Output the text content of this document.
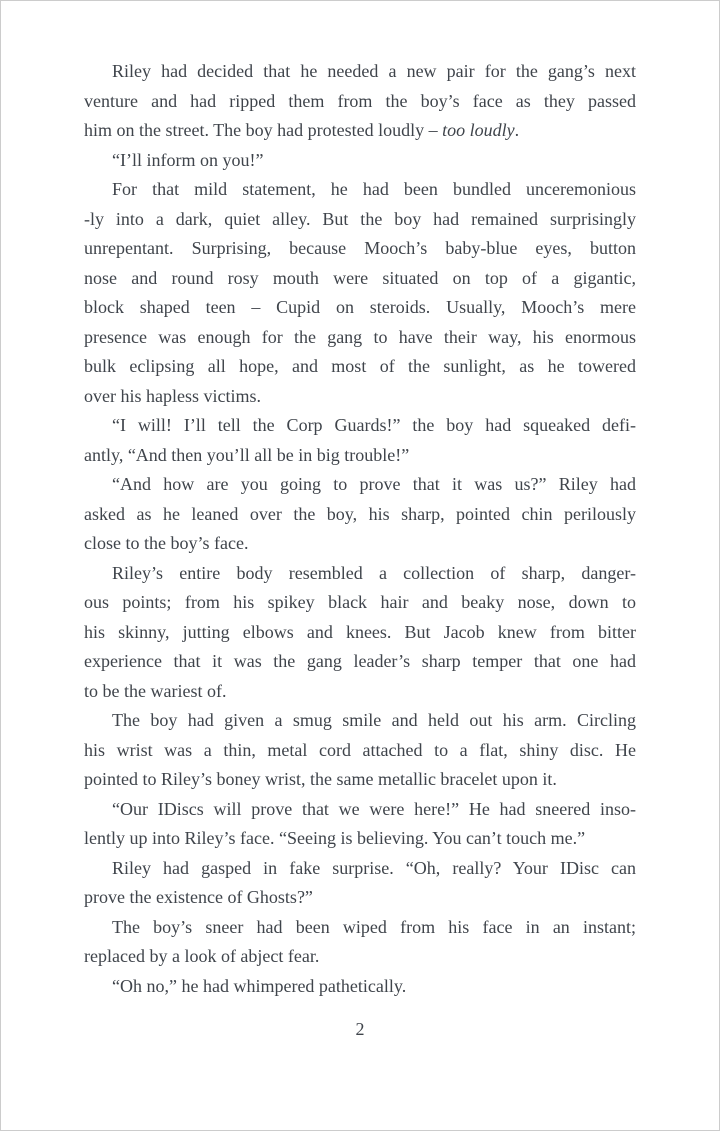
Riley had decided that he needed a new pair for the gang’s next
venture and had ripped them from the boy’s face as they passed
him on the street. The boy had protested loudly – too loudly.

“I’ll inform on you!”

For that mild statement, he had been bundled unceremonious
-ly into a dark, quiet alley. But the boy had remained surprisingly
unrepentant. Surprising, because Mooch’s baby-blue eyes, button
nose and round rosy mouth were situated on top of a gigantic,
block shaped teen – Cupid on steroids. Usually, Mooch’s mere
presence was enough for the gang to have their way, his enormous
bulk eclipsing all hope, and most of the sunlight, as he towered
over his hapless victims.

“I will! I’ll tell the Corp Guards!” the boy had squeaked defi-
antly, “And then you’ll all be in big trouble!”

“And how are you going to prove that it was us?” Riley had
asked as he leaned over the boy, his sharp, pointed chin perilously
close to the boy’s face.

Riley’s entire body resembled a collection of sharp, danger-
ous points; from his spikey black hair and beaky nose, down to
his skinny, jutting elbows and knees. But Jacob knew from bitter
experience that it was the gang leader’s sharp temper that one had
to be the wariest of.

The boy had given a smug smile and held out his arm. Circling
his wrist was a thin, metal cord attached to a flat, shiny disc. He
pointed to Riley’s boney wrist, the same metallic bracelet upon it.

“Our IDiscs will prove that we were here!” He had sneered inso-
lently up into Riley’s face. “Seeing is believing. You can’t touch me.”

Riley had gasped in fake surprise. “Oh, really? Your IDisc can
prove the existence of Ghosts?”

The boy’s sneer had been wiped from his face in an instant;
replaced by a look of abject fear.

“Oh no,” he had whimpered pathetically.

2
